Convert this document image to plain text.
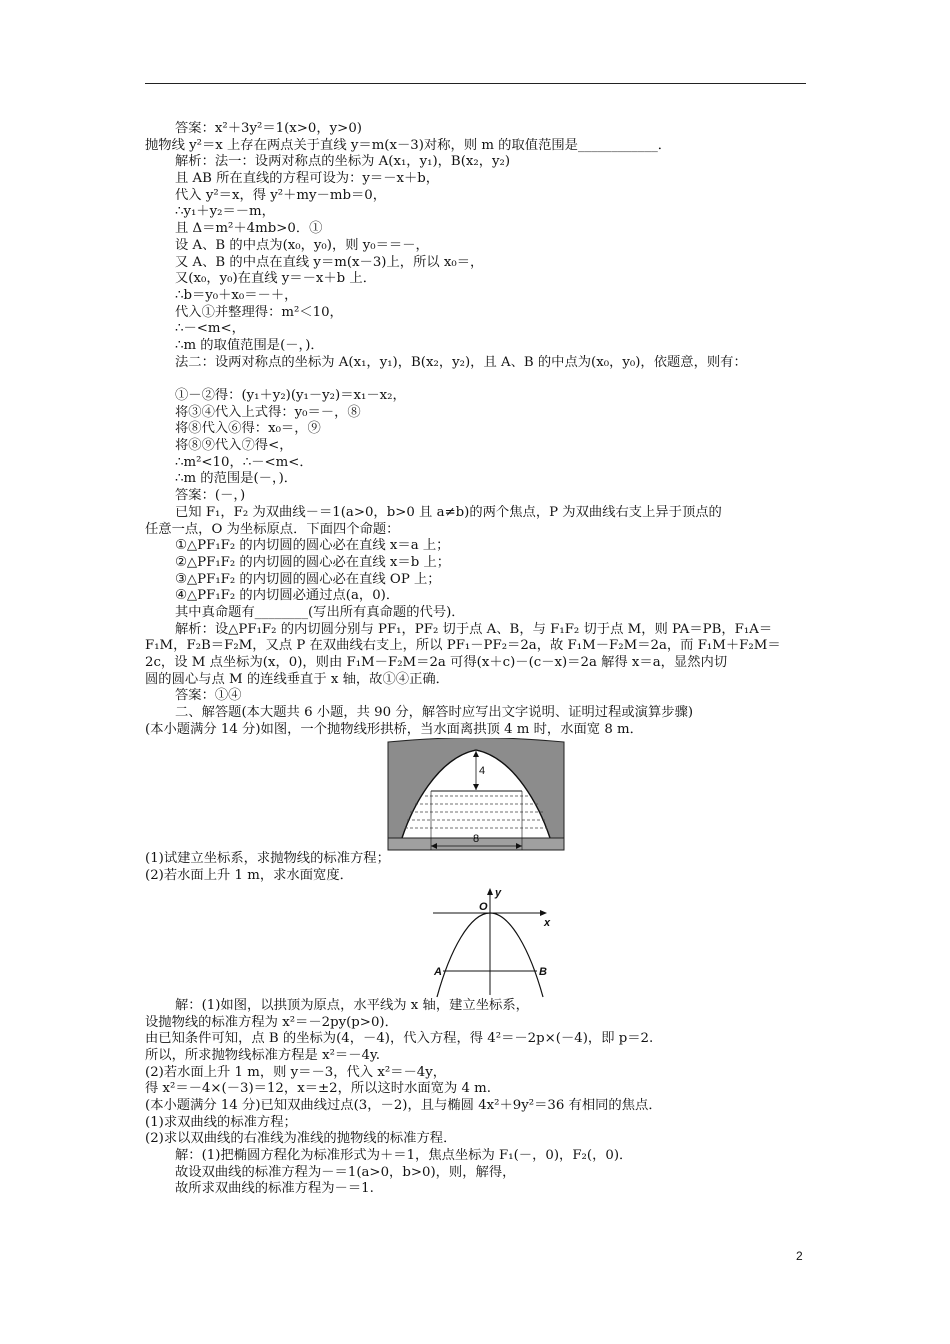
答案：x²＋3y²＝1(x>0，y>0)
抛物线 y²＝x 上存在两点关于直线 y＝m(x－3)对称，则 m 的取值范围是____________．
解析：法一：设两对称点的坐标为 A(x₁，y₁)，B(x₂，y₂)
且 AB 所在直线的方程可设为：y＝－x＋b，
代入 y²＝x，得 y²＋my－mb＝0，
∴y₁＋y₂＝－m，
且 Δ＝m²＋4mb>0．①
设 A、B 的中点为(x₀，y₀)，则 y₀＝＝－，
又 A、B 的中点在直线 y＝m(x－3)上，所以 x₀＝，
又(x₀，y₀)在直线 y＝－x＋b 上．
∴b＝y₀＋x₀＝－＋，
代入①并整理得：m²＜10，
∴－<m<，
∴m 的取值范围是(－，)．
法二：设两对称点的坐标为 A(x₁，y₁)，B(x₂，y₂)，且 A、B 的中点为(x₀，y₀)，依题意，则有：
①－②得：(y₁＋y₂)(y₁－y₂)＝x₁－x₂，
将③④代入上式得：y₀＝－，⑧
将⑧代入⑥得：x₀＝，⑨
将⑧⑨代入⑦得<，
∴m²<10，∴－<m<．
∴m 的范围是(－，)．
答案：(－，)
已知 F₁，F₂ 为双曲线－＝1(a>0，b>0 且 a≠b)的两个焦点，P 为双曲线右支上异于顶点的
任意一点，O 为坐标原点．下面四个命题：
①△PF₁F₂ 的内切圆的圆心必在直线 x＝a 上；
②△PF₁F₂ 的内切圆的圆心必在直线 x＝b 上；
③△PF₁F₂ 的内切圆的圆心必在直线 OP 上；
④△PF₁F₂ 的内切圆必通过点(a，0)．
其中真命题有________(写出所有真命题的代号)．
解析：设△PF₁F₂ 的内切圆分别与 PF₁，PF₂ 切于点 A、B，与 F₁F₂ 切于点 M，则 PA＝PB，F₁A＝
F₁M，F₂B＝F₂M，又点 P 在双曲线右支上，所以 PF₁－PF₂＝2a，故 F₁M－F₂M＝2a，而 F₁M＋F₂M＝
2c，设 M 点坐标为(x，0)，则由 F₁M－F₂M＝2a 可得(x＋c)－(c－x)＝2a 解得 x＝a，显然内切
圆的圆心与点 M 的连线垂直于 x 轴，故①④正确．
答案：①④
二、解答题(本大题共 6 小题，共 90 分，解答时应写出文字说明、证明过程或演算步骤)
(本小题满分 14 分)如图，一个抛物线形拱桥，当水面离拱顶 4 m 时，水面宽 8 m．
4
8
(1)试建立坐标系，求抛物线的标准方程；
(2)若水面上升 1 m，求水面宽度．
O
x
y
A	B
解：(1)如图，以拱顶为原点，水平线为 x 轴，建立坐标系，
设抛物线的标准方程为 x²＝－2py(p>0)．
由已知条件可知，点 B 的坐标为(4，－4)，代入方程，得 4²＝－2p×(－4)，即 p＝2.
所以，所求抛物线标准方程是 x²＝－4y.
(2)若水面上升 1 m，则 y＝－3，代入 x²＝－4y，
得 x²＝－4×(－3)＝12，x＝±2，所以这时水面宽为 4 m.
(本小题满分 14 分)已知双曲线过点(3，－2)，且与椭圆 4x²＋9y²＝36 有相同的焦点．
(1)求双曲线的标准方程；
(2)求以双曲线的右准线为准线的抛物线的标准方程．
解：(1)把椭圆方程化为标准形式为＋＝1，焦点坐标为 F₁(－，0)，F₂(，0)．
故设双曲线的标准方程为－＝1(a>0，b>0)，则，解得，
故所求双曲线的标准方程为－＝1.
2
